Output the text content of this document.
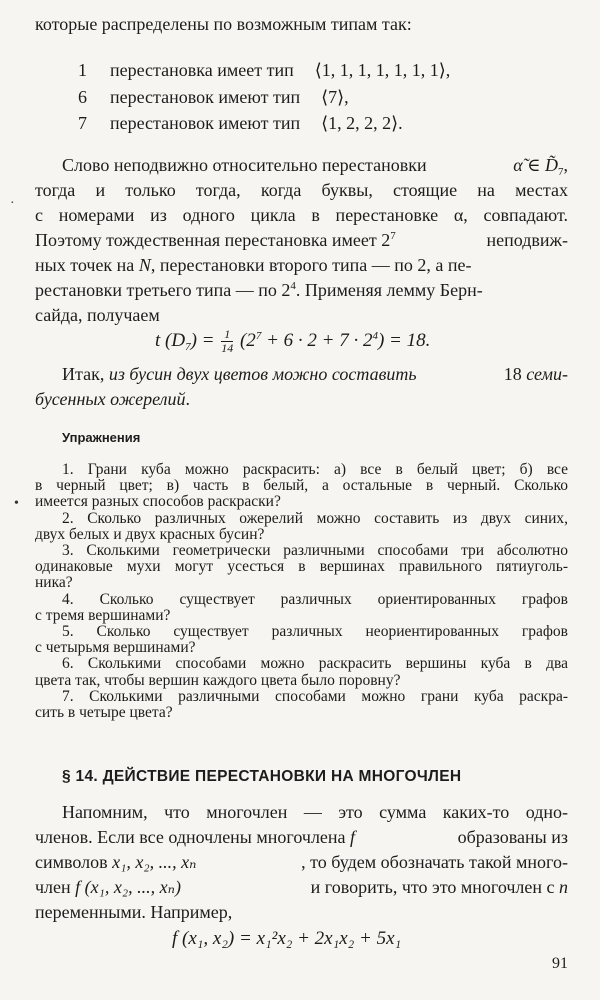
которые распределены по возможным типам так:
1 перестановка имеет тип ⟨1, 1, 1, 1, 1, 1, 1⟩,
6 перестановок имеют тип ⟨7⟩,
7 перестановок имеют тип ⟨1, 2, 2, 2⟩.
Слово неподвижно относительно перестановки	α̃ ∈ $D̃_7$,
тогда и только тогда, когда буквы, стоящие на местах
с номерами из одного цикла в перестановке α, совпадают.
Поэтому тождественная перестановка имеет $2^7$	неподвиж-
ных точек на N, перестановки второго типа — по 2, а пе-
рестановки третьего типа — по $2^4$. Применяя лемму Берн-
сайда, получаем
t $(D_7) = \frac{1}{14} (2^7 + 6 \cdot 2 + 7 \cdot 2^4) = 18$.
Итак, из бусин двух цветов можно составить	18 семи-
бусенных ожерелий.
Упражнения
1. Грани куба можно раскрасить: а) все в белый цвет; б) все
в черный цвет; в) часть в белый, а остальные в черный. Сколько
имеется разных способов раскраски?
2. Сколько различных ожерелий можно составить из двух синих,
двух белых и двух красных бусин?
3. Сколькими геометрически различными способами три абсолютно
одинаковые мухи могут усесться в вершинах правильного пятиуголь-
ника?
4. Сколько существует различных ориентированных графов
с тремя вершинами?
5. Сколько существует различных неориентированных графов
с четырьмя вершинами?
6. Сколькими способами можно раскрасить вершины куба в два
цвета так, чтобы вершин каждого цвета было поровну?
7. Сколькими различными способами можно грани куба раскра-
сить в четыре цвета?
§ 14. ДЕЙСТВИЕ ПЕРЕСТАНОВКИ НА МНОГОЧЛЕН
Напомним, что многочлен — это сумма каких-то одно-
членов. Если все одночлены многочлена f	образованы из
символов x₁, x₂, ..., xₙ	, то будем обозначать такой много-
член f (x₁, x₂, ..., xₙ)	и говорить, что это многочлен с n
переменными. Например,
f (x₁, x₂) = x₁²x₂ + 2x₁x₂ + 5x₁
91
·
•
